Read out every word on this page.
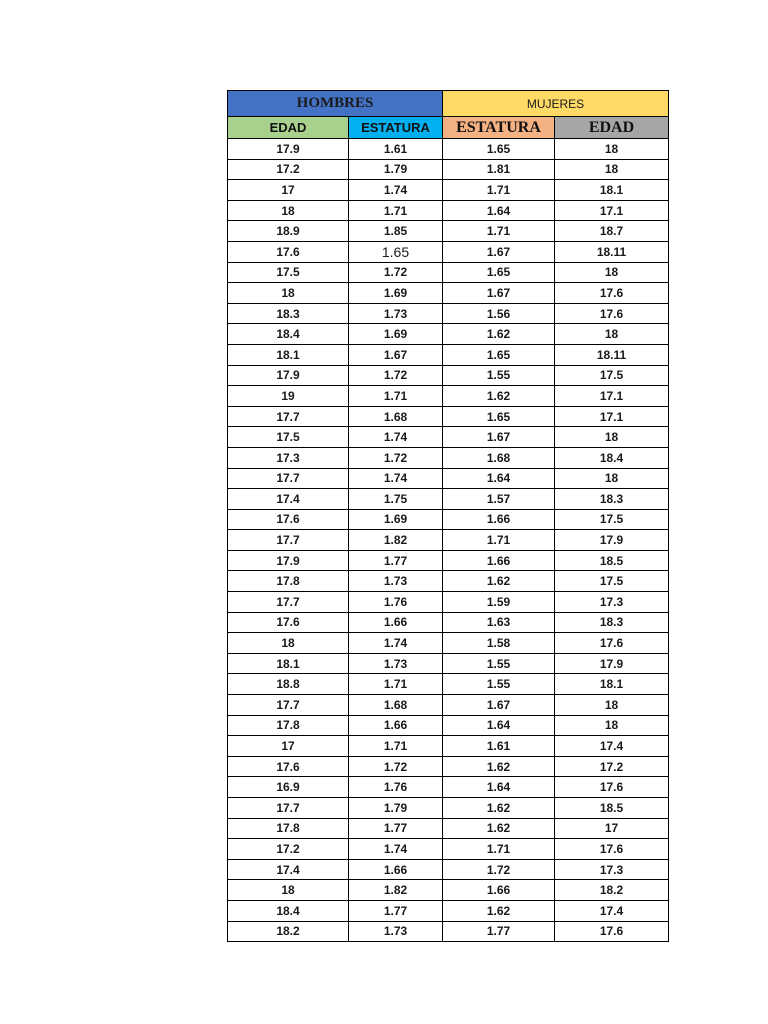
HOMBRES		MUJERES	
EDAD	ESTATURA	ESTATURA	EDAD
17.9	1.61	1.65	18
17.2	1.79	1.81	18
17	1.74	1.71	18.1
18	1.71	1.64	17.1
18.9	1.85	1.71	18.7
17.6	1.65	1.67	18.11
17.5	1.72	1.65	18
18	1.69	1.67	17.6
18.3	1.73	1.56	17.6
18.4	1.69	1.62	18
18.1	1.67	1.65	18.11
17.9	1.72	1.55	17.5
19	1.71	1.62	17.1
17.7	1.68	1.65	17.1
17.5	1.74	1.67	18
17.3	1.72	1.68	18.4
17.7	1.74	1.64	18
17.4	1.75	1.57	18.3
17.6	1.69	1.66	17.5
17.7	1.82	1.71	17.9
17.9	1.77	1.66	18.5
17.8	1.73	1.62	17.5
17.7	1.76	1.59	17.3
17.6	1.66	1.63	18.3
18	1.74	1.58	17.6
18.1	1.73	1.55	17.9
18.8	1.71	1.55	18.1
17.7	1.68	1.67	18
17.8	1.66	1.64	18
17	1.71	1.61	17.4
17.6	1.72	1.62	17.2
16.9	1.76	1.64	17.6
17.7	1.79	1.62	18.5
17.8	1.77	1.62	17
17.2	1.74	1.71	17.6
17.4	1.66	1.72	17.3
18	1.82	1.66	18.2
18.4	1.77	1.62	17.4
18.2	1.73	1.77	17.6
